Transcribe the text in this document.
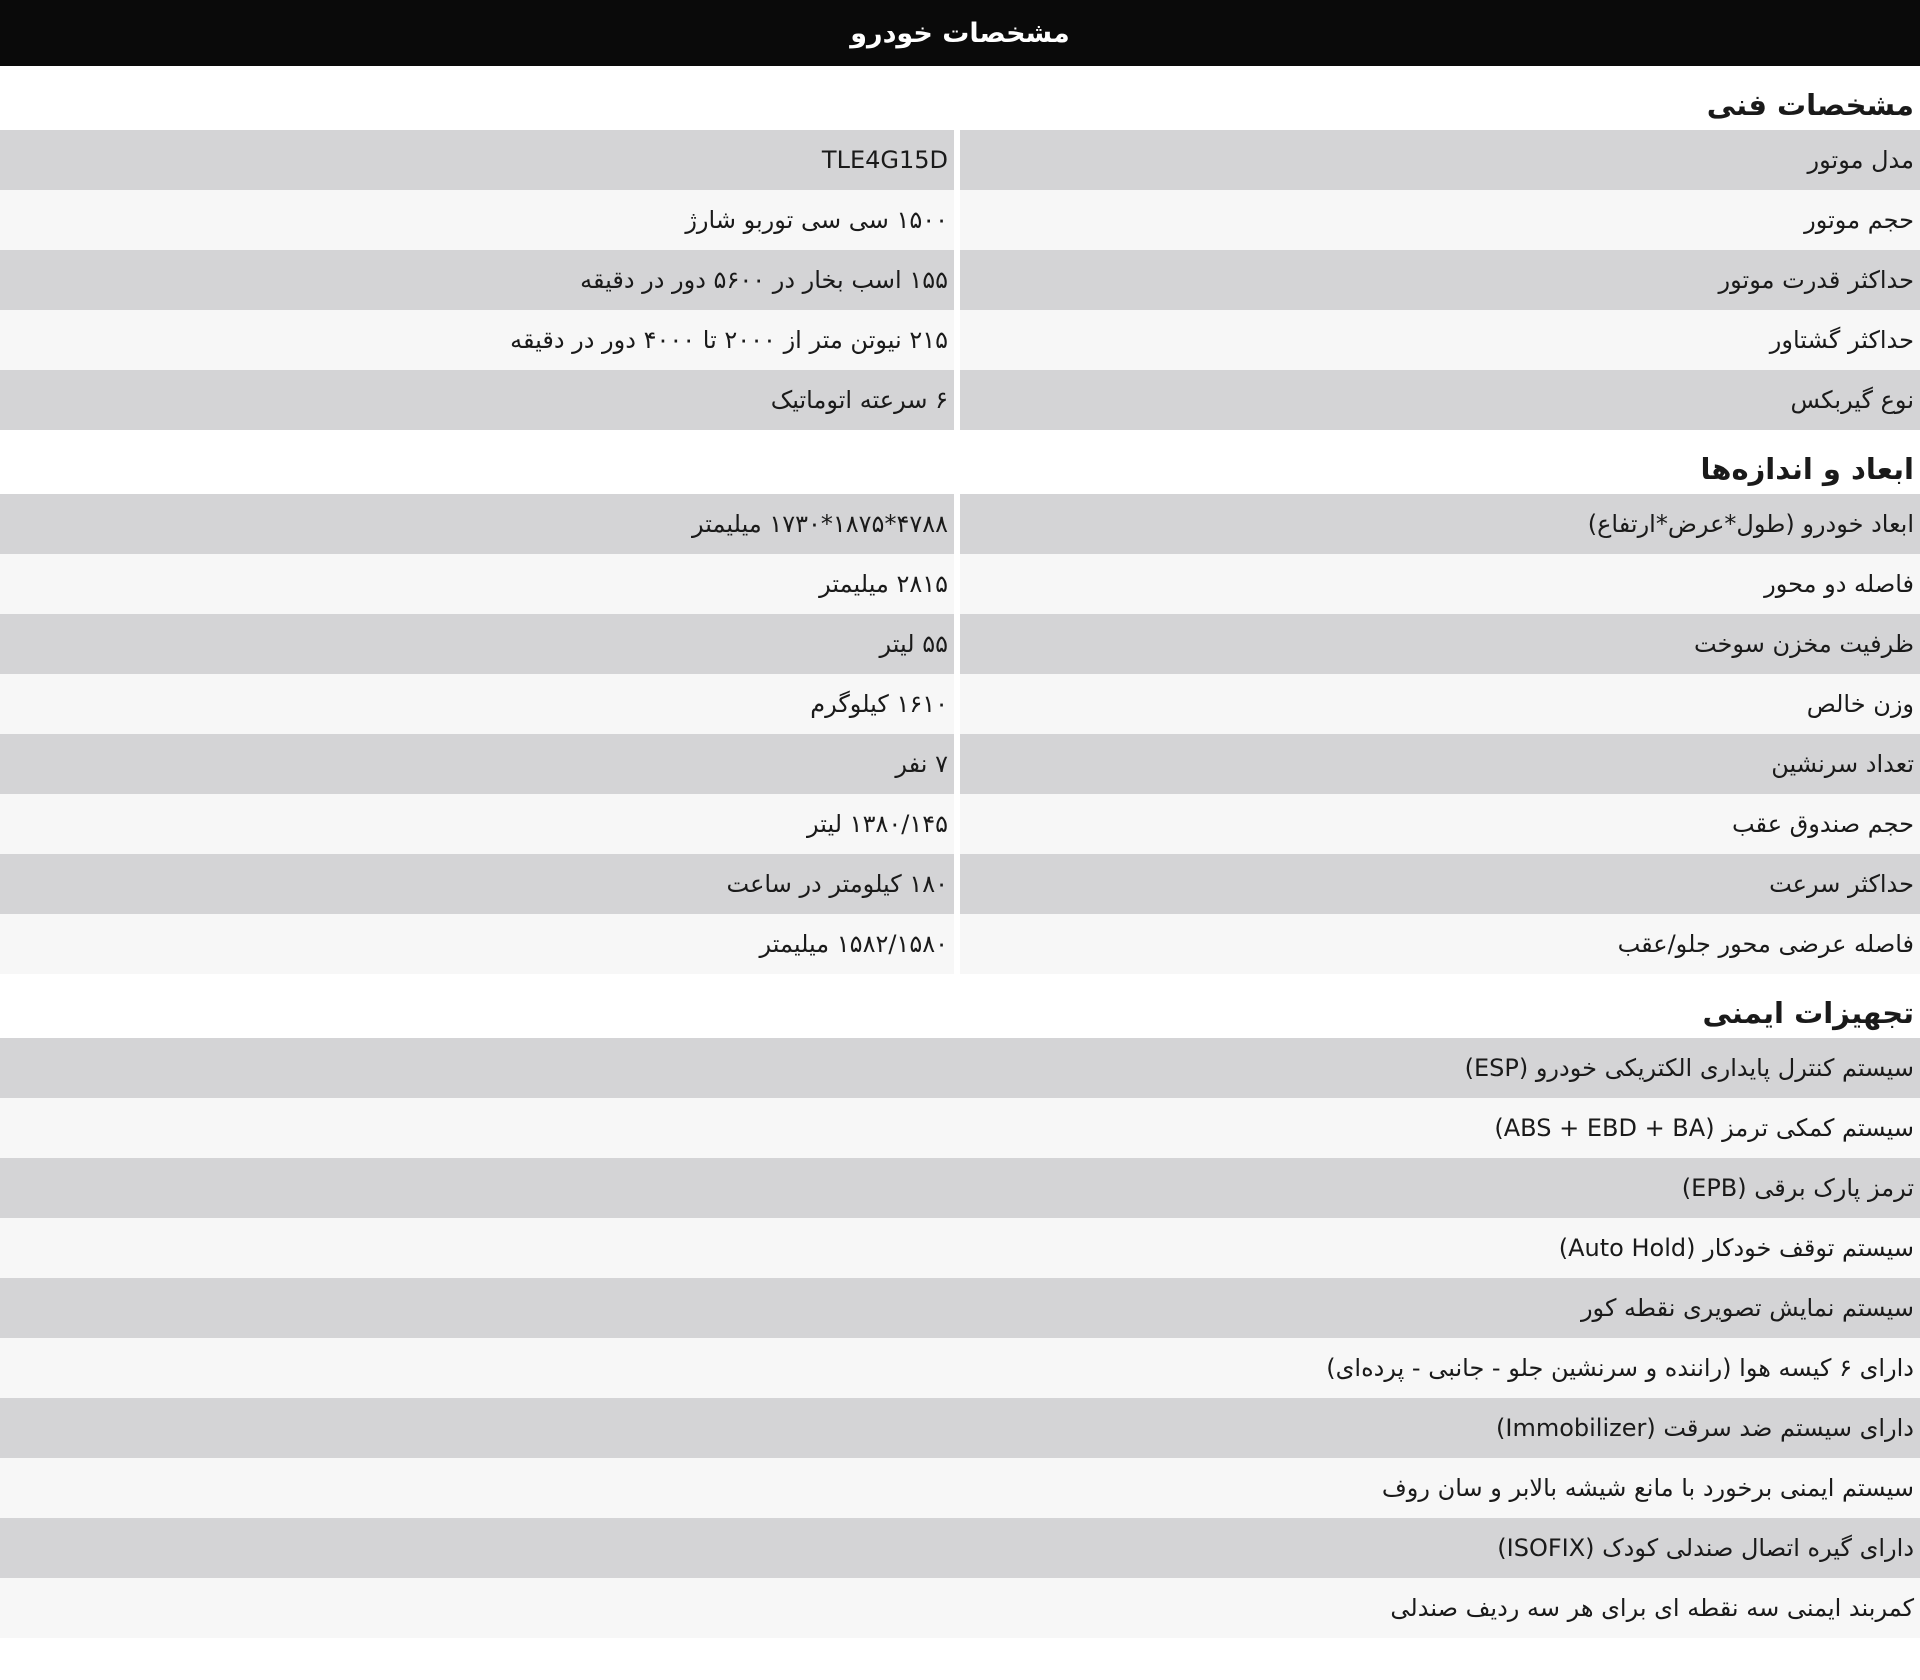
مشخصات خودرو
مشخصات فنی
مدل موتور
TLE4G15D
حجم موتور
۱۵۰۰ سی سی توربو شارژ
حداکثر قدرت موتور
۱۵۵ اسب بخار در ۵۶۰۰ دور در دقیقه
حداکثر گشتاور
۲۱۵ نیوتن متر از ۲۰۰۰ تا ۴۰۰۰ دور در دقیقه
نوع گیربکس
۶ سرعته اتوماتیک
ابعاد و اندازه‌ها
ابعاد خودرو (طول*عرض*ارتفاع)
۴۷۸۸*۱۸۷۵*۱۷۳۰ میلیمتر
فاصله دو محور
۲۸۱۵ میلیمتر
ظرفیت مخزن سوخت
۵۵ لیتر
وزن خالص
۱۶۱۰ کیلوگرم
تعداد سرنشین
۷ نفر
حجم صندوق عقب
۱۳۸۰/۱۴۵ لیتر
حداکثر سرعت
۱۸۰ کیلومتر در ساعت
فاصله عرضی محور جلو/عقب
۱۵۸۲/۱۵۸۰ میلیمتر
تجهیزات ایمنی
سیستم کنترل پایداری الکتریکی خودرو (ESP)
سیستم کمکی ترمز (ABS + EBD + BA)
ترمز پارک برقی (EPB)
سیستم توقف خودکار (Auto Hold)
سیستم نمایش تصویری نقطه کور
دارای ۶ کیسه هوا (راننده و سرنشین جلو - جانبی - پرده‌ای)
دارای سیستم ضد سرقت (Immobilizer)
سیستم ایمنی برخورد با مانع شیشه بالابر و سان روف
دارای گیره اتصال صندلی کودک (ISOFIX)
کمربند ایمنی سه نقطه ای برای هر سه ردیف صندلی
